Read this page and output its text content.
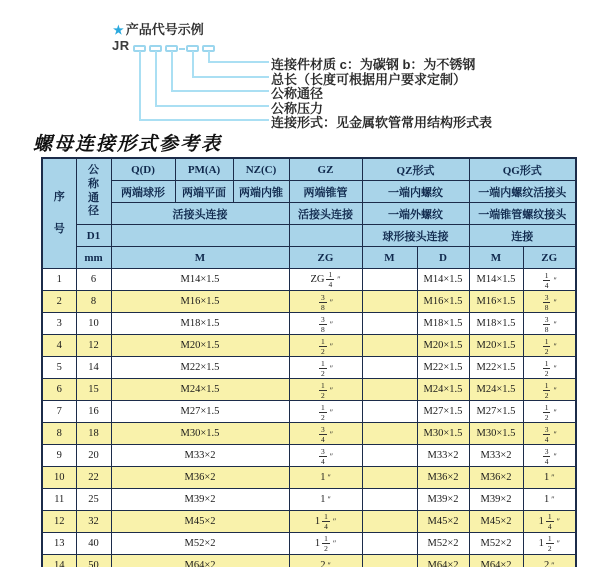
★ 产品代号示例
JR
连接件材质 c：为碳钢 b：为不锈钢
总长（长度可根据用户要求定制）
公称通径
公称压力
连接形式：见金属软管常用结构形式表
螺母连接形式参考表
序号	公称通径	Q(D)	PM(A)	NZ(C)	GZ	QZ形式		QG形式	
		两端球形	两端平面	两端内锥	两端锥管	一端内螺纹		一端内螺纹活接头	
		活接头连接			活接头连接	一端外螺纹		一端锥管螺纹接头	
	D1					球形接头连接		连接	
	mm	M			ZG	M	D	M	ZG
1	6	M14×1.5			ZG $\frac{1}{4}$ ″		M14×1.5	M14×1.5	$\frac{1}{4}$ ″

2	8	M16×1.5			$\frac{3}{8}$ ″		M16×1.5	M16×1.5	$\frac{3}{8}$ ″

3	10	M18×1.5			$\frac{3}{8}$ ″		M18×1.5	M18×1.5	$\frac{3}{8}$ ″

4	12	M20×1.5			$\frac{1}{2}$ ″		M20×1.5	M20×1.5	$\frac{1}{2}$ ″

5	14	M22×1.5			$\frac{1}{2}$ ″		M22×1.5	M22×1.5	$\frac{1}{2}$ ″

6	15	M24×1.5			$\frac{1}{2}$ ″		M24×1.5	M24×1.5	$\frac{1}{2}$ ″

7	16	M27×1.5			$\frac{1}{2}$ ″		M27×1.5	M27×1.5	$\frac{1}{2}$ ″

8	18	M30×1.5			$\frac{3}{4}$ ″		M30×1.5	M30×1.5	$\frac{3}{4}$ ″

9	20	M33×2			$\frac{3}{4}$ ″		M33×2	M33×2	$\frac{3}{4}$ ″

10	22	M36×2			1 ″		M36×2	M36×2	1 ″

11	25	M39×2			1 ″		M39×2	M39×2	1 ″

12	32	M45×2			$1 \frac{1}{4}$ ″		M45×2	M45×2	$1 \frac{1}{4}$ ″

13	40	M52×2			$1 \frac{1}{2}$ ″		M52×2	M52×2	$1 \frac{1}{2}$ ″

14	50	M64×2			2 ″		M64×2	M64×2	2 ″
